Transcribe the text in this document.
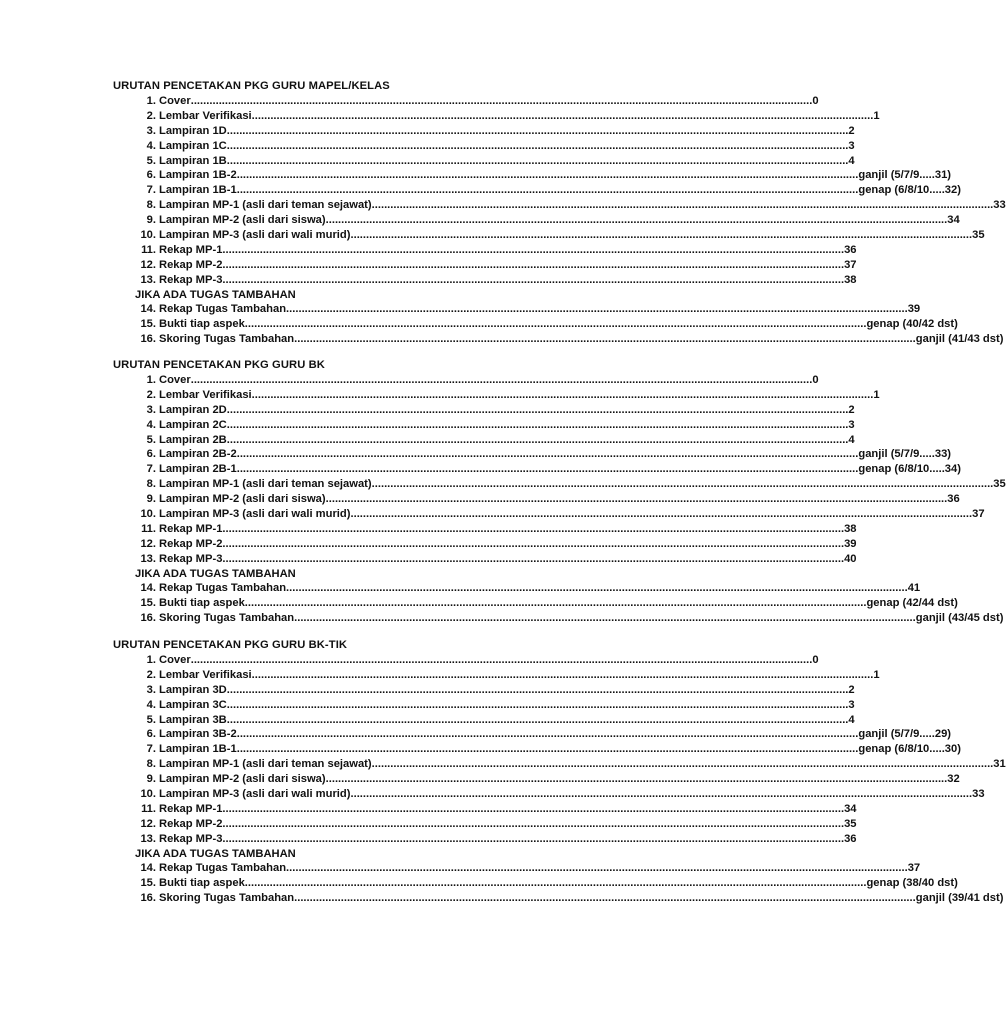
URUTAN PENCETAKAN PKG GURU MAPEL/KELAS
1. Cover ........................................................................................................................................................................................................ 0
2. Lembar Verifikasi ........................................................................................................................................................................................................ 1
3. Lampiran 1D ........................................................................................................................................................................................................ 2
4. Lampiran 1C ........................................................................................................................................................................................................ 3
5. Lampiran 1B ........................................................................................................................................................................................................ 4
6. Lampiran 1B-2 ........................................................................................................................................................................................................ ganjil (5/7/9.....31)
7. Lampiran 1B-1 ........................................................................................................................................................................................................ genap (6/8/10.....32)
8. Lampiran MP-1 (asli dari teman sejawat) ........................................................................................................................................................................................................ 33
9. Lampiran MP-2 (asli dari siswa) ........................................................................................................................................................................................................ 34
10. Lampiran MP-3 (asli dari wali murid) ........................................................................................................................................................................................................ 35
11. Rekap MP-1 ........................................................................................................................................................................................................ 36
12. Rekap MP-2 ........................................................................................................................................................................................................ 37
13. Rekap MP-3 ........................................................................................................................................................................................................ 38
JIKA ADA TUGAS TAMBAHAN
14. Rekap Tugas Tambahan ........................................................................................................................................................................................................ 39
15. Bukti tiap aspek ........................................................................................................................................................................................................ genap (40/42 dst)
16. Skoring Tugas Tambahan ........................................................................................................................................................................................................ ganjil (41/43 dst)
URUTAN PENCETAKAN PKG GURU BK
1. Cover ........................................................................................................................................................................................................ 0
2. Lembar Verifikasi ........................................................................................................................................................................................................ 1
3. Lampiran 2D ........................................................................................................................................................................................................ 2
4. Lampiran 2C ........................................................................................................................................................................................................ 3
5. Lampiran 2B ........................................................................................................................................................................................................ 4
6. Lampiran 2B-2 ........................................................................................................................................................................................................ ganjil (5/7/9.....33)
7. Lampiran 2B-1 ........................................................................................................................................................................................................ genap (6/8/10.....34)
8. Lampiran MP-1 (asli dari teman sejawat) ........................................................................................................................................................................................................ 35
9. Lampiran MP-2 (asli dari siswa) ........................................................................................................................................................................................................ 36
10. Lampiran MP-3 (asli dari wali murid) ........................................................................................................................................................................................................ 37
11. Rekap MP-1 ........................................................................................................................................................................................................ 38
12. Rekap MP-2 ........................................................................................................................................................................................................ 39
13. Rekap MP-3 ........................................................................................................................................................................................................ 40
JIKA ADA TUGAS TAMBAHAN
14. Rekap Tugas Tambahan ........................................................................................................................................................................................................ 41
15. Bukti tiap aspek ........................................................................................................................................................................................................ genap (42/44 dst)
16. Skoring Tugas Tambahan ........................................................................................................................................................................................................ ganjil (43/45 dst)
URUTAN PENCETAKAN PKG GURU BK-TIK
1. Cover ........................................................................................................................................................................................................ 0
2. Lembar Verifikasi ........................................................................................................................................................................................................ 1
3. Lampiran 3D ........................................................................................................................................................................................................ 2
4. Lampiran 3C ........................................................................................................................................................................................................ 3
5. Lampiran 3B ........................................................................................................................................................................................................ 4
6. Lampiran 3B-2 ........................................................................................................................................................................................................ ganjil (5/7/9.....29)
7. Lampiran 1B-1 ........................................................................................................................................................................................................ genap (6/8/10.....30)
8. Lampiran MP-1 (asli dari teman sejawat) ........................................................................................................................................................................................................ 31
9. Lampiran MP-2 (asli dari siswa) ........................................................................................................................................................................................................ 32
10. Lampiran MP-3 (asli dari wali murid) ........................................................................................................................................................................................................ 33
11. Rekap MP-1 ........................................................................................................................................................................................................ 34
12. Rekap MP-2 ........................................................................................................................................................................................................ 35
13. Rekap MP-3 ........................................................................................................................................................................................................ 36
JIKA ADA TUGAS TAMBAHAN
14. Rekap Tugas Tambahan ........................................................................................................................................................................................................ 37
15. Bukti tiap aspek ........................................................................................................................................................................................................ genap (38/40 dst)
16. Skoring Tugas Tambahan ........................................................................................................................................................................................................ ganjil (39/41 dst)
